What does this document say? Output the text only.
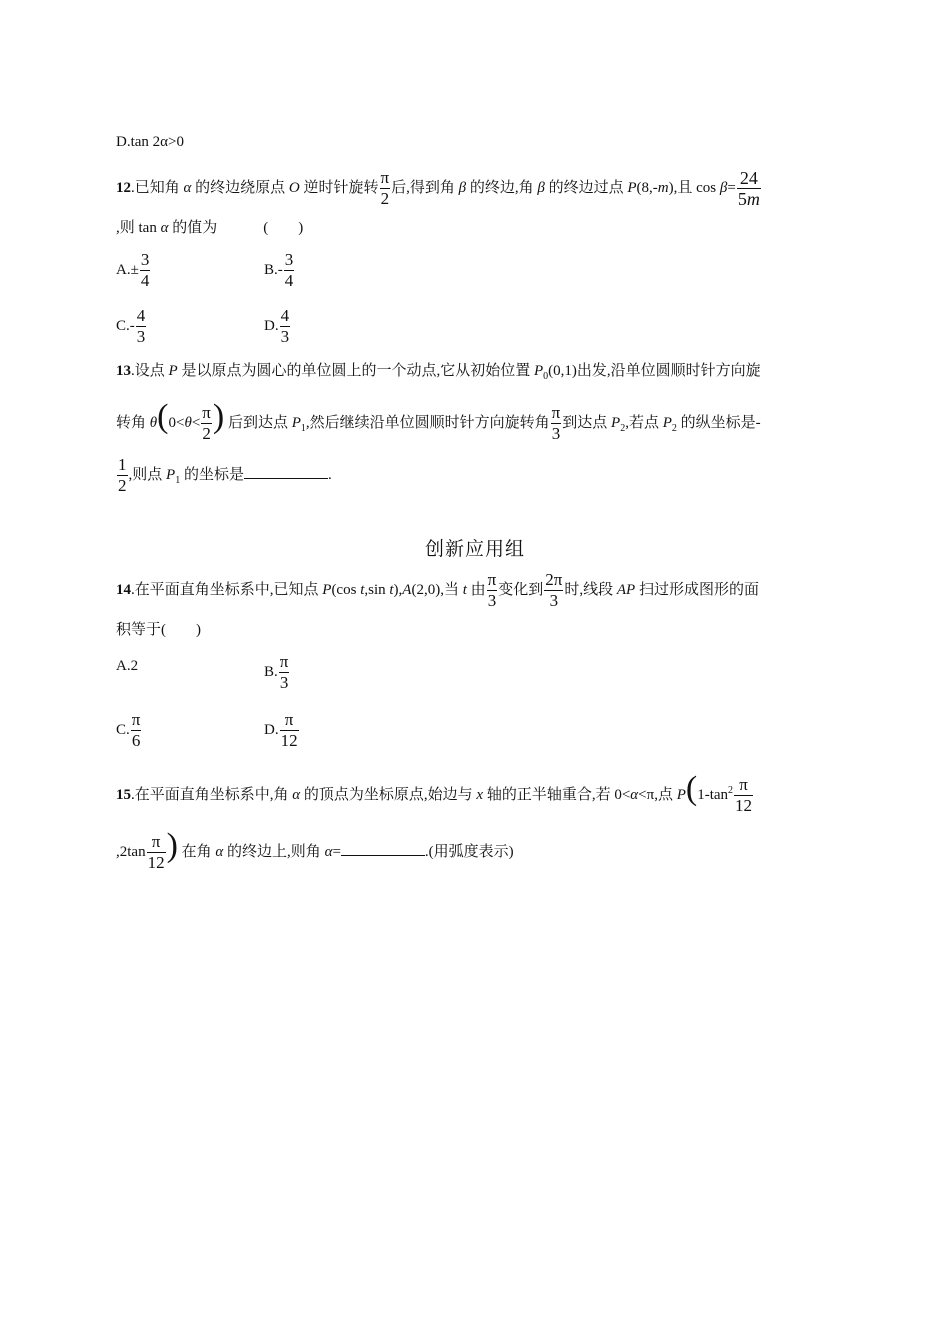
D.tan 2α>0
12.已知角 α 的终边绕原点 O 逆时针旋转 $\frac{\pi}{2}$ 后,得到角 β 的终边,角 β 的终边过点 P(8,-m),且 $\cos \beta= \frac{24}{5m}$
,则 tan α 的值为	(　　)
$A.\pm \frac{3}{4}$	$B.- \frac{3}{4}$
$C.- \frac{4}{3}$	D. $\frac{4}{3}$
13.设点 P 是以原点为圆心的单位圆上的一个动点,它从初始位置 $P_0(0,1)$出发,沿单位圆顺时针方向旋
转角 $\theta(0<\theta< \frac{\pi}{2}$ ) 后到达点 $P_1$,然后继续沿单位圆顺时针方向旋转角 $\frac{\pi}{3}$ 到达点 $P_2$,若点 $P_2$ 的纵坐标是-
$\frac{1}{2}$ ,则点 $P_1$ 的坐标是	.
创新应用组
14.在平面直角坐标系中,已知点 P(cos t,sin t),A(2,0),当 t 由 $\frac{\pi}{3}$ 变化到 $\frac{2\pi}{3}$ 时,线段 AP 扫过形成图形的面
积等于(　　)
A.2	B. $\frac{\pi}{3}$
C. $\frac{\pi}{6}$	D. $\frac{\pi}{12}$
15.在平面直角坐标系中,角 α 的顶点为坐标原点,始边与 x 轴的正半轴重合,若 0<α<π,点 $P(1-\tan^2 \frac{\pi}{12}$
$,2\tan \frac{\pi}{12}$ ) 在角 α 的终边上,则角 α=	.(用弧度表示)
